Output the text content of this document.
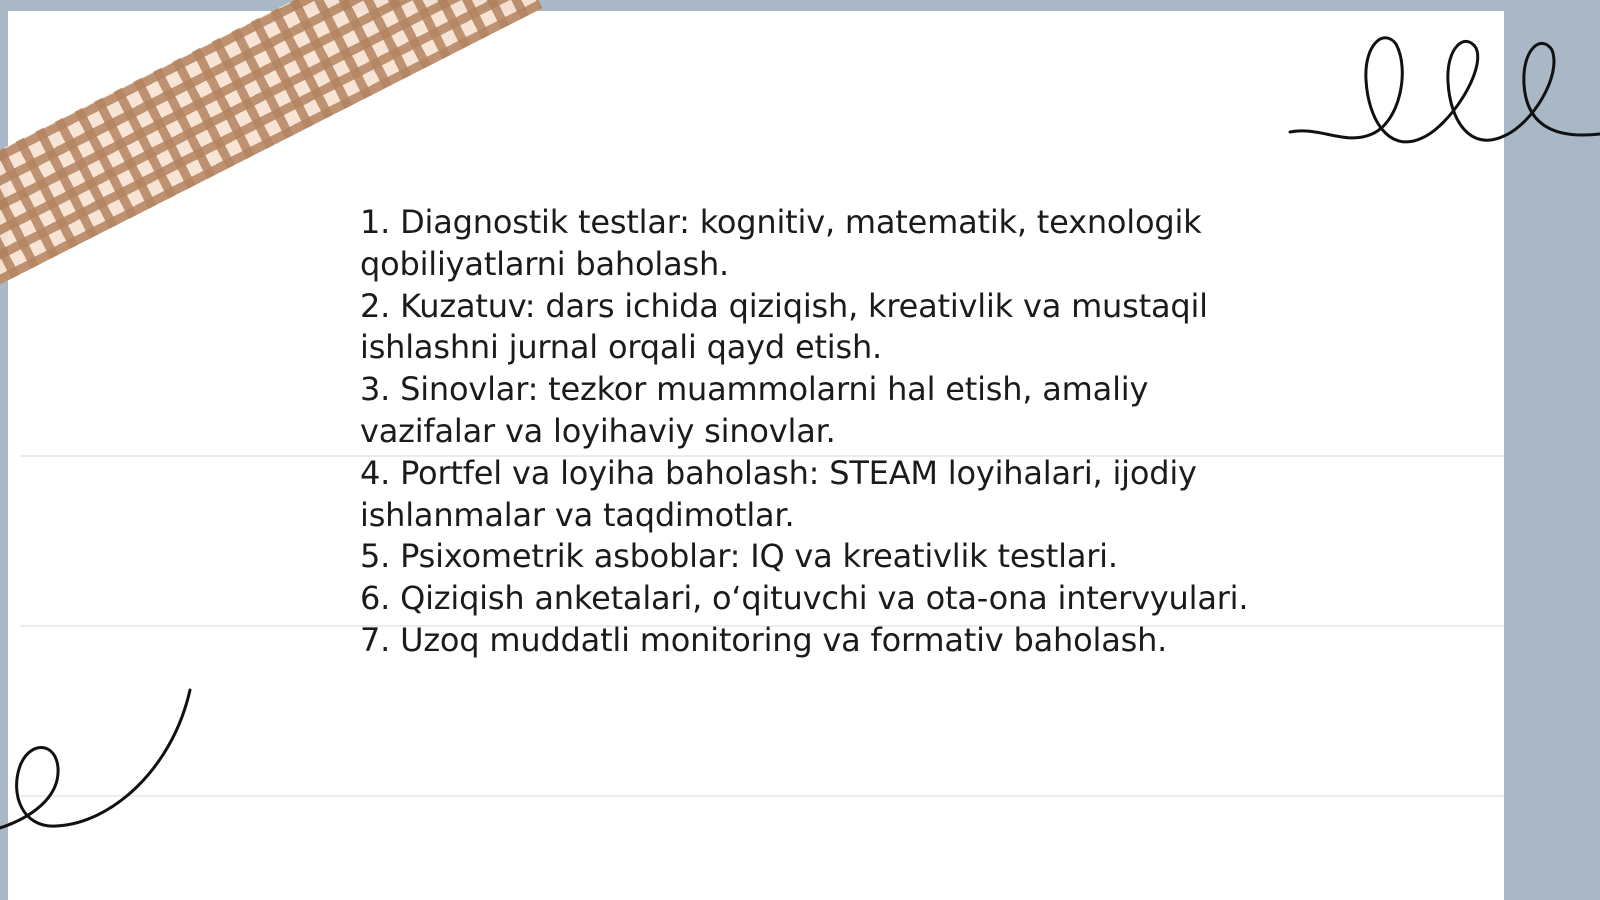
1. Diagnostik testlar: kognitiv, matematik, texnologik qobiliyatlarni baholash.

2. Kuzatuv: dars ichida qiziqish, kreativlik va mustaqil ishlashni jurnal orqali qayd etish.

3. Sinovlar: tezkor muammolarni hal etish, amaliy vazifalar va loyihaviy sinovlar.

4. Portfel va loyiha baholash: STEAM loyihalari, ijodiy ishlanmalar va taqdimotlar.

5. Psixometrik asboblar: IQ va kreativlik testlari.

6. Qiziqish anketalari, o‘qituvchi va ota-ona intervyulari.

7. Uzoq muddatli monitoring va formativ baholash.
